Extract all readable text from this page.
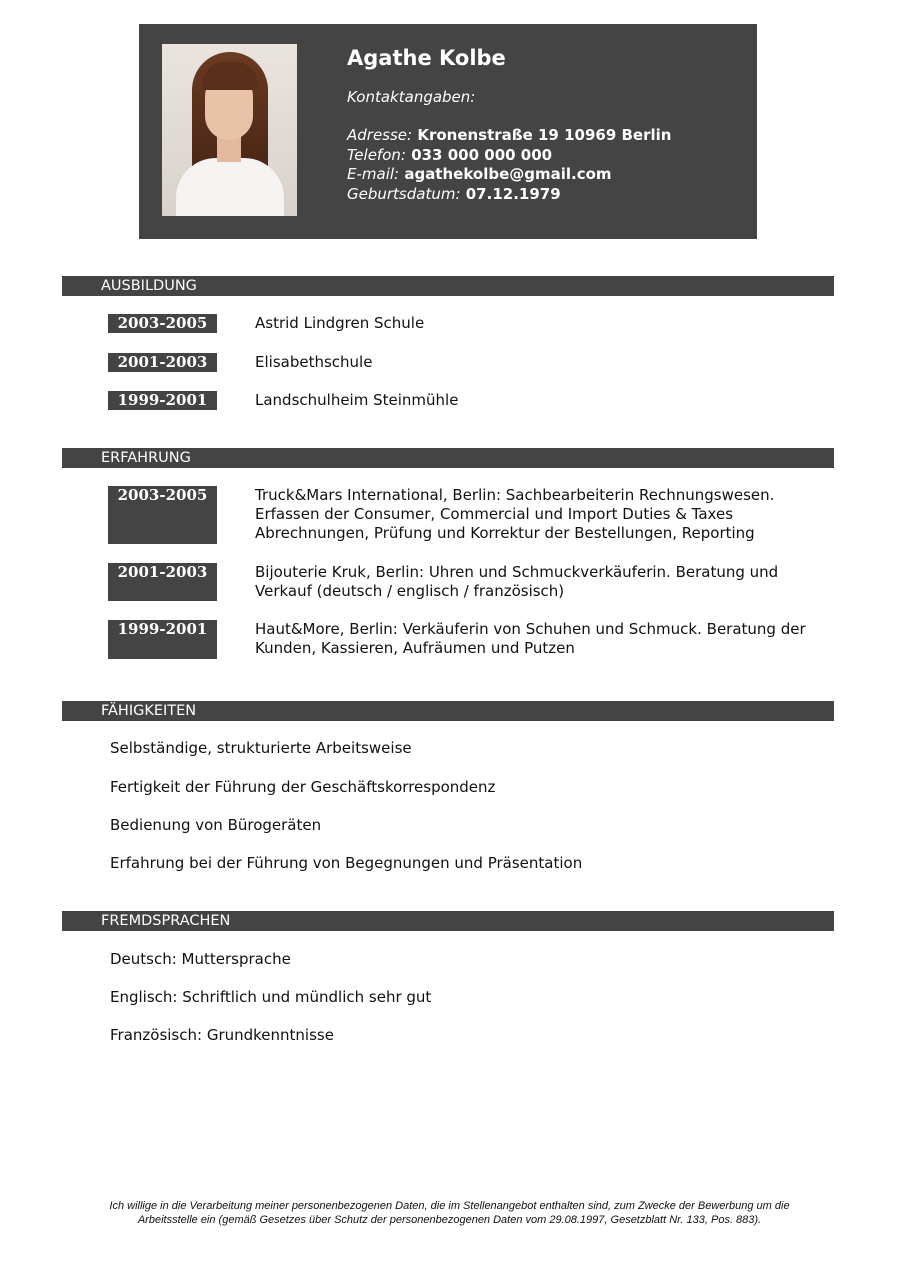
Agathe Kolbe
Kontaktangaben:
Adresse: Kronenstraße 19 10969 Berlin
Telefon: 033 000 000 000
E-mail: agathekolbe@gmail.com
Geburtsdatum: 07.12.1979
AUSBILDUNG
2003-2005	Astrid Lindgren Schule
2001-2003	Elisabethschule
1999-2001	Landschulheim Steinmühle
ERFAHRUNG
2003-2005	Truck&Mars International, Berlin: Sachbearbeiterin Rechnungswesen.
Erfassen der Consumer, Commercial und Import Duties & Taxes
Abrechnungen, Prüfung und Korrektur der Bestellungen, Reporting
2001-2003	Bijouterie Kruk, Berlin: Uhren und Schmuckverkäuferin. Beratung und
Verkauf (deutsch / englisch / französisch)
1999-2001	Haut&More, Berlin: Verkäuferin von Schuhen und Schmuck. Beratung der
Kunden, Kassieren, Aufräumen und Putzen
FÄHIGKEITEN
Selbständige, strukturierte Arbeitsweise
Fertigkeit der Führung der Geschäftskorrespondenz
Bedienung von Bürogeräten
Erfahrung bei der Führung von Begegnungen und Präsentation
FREMDSPRACHEN
Deutsch: Muttersprache
Englisch: Schriftlich und mündlich sehr gut
Französisch: Grundkenntnisse
Ich willige in die Verarbeitung meiner personenbezogenen Daten, die im Stellenangebot enthalten sind, zum Zwecke der Bewerbung um die
Arbeitsstelle ein (gemäß Gesetzes über Schutz der personenbezogenen Daten vom 29.08.1997, Gesetzblatt Nr. 133, Pos. 883).
